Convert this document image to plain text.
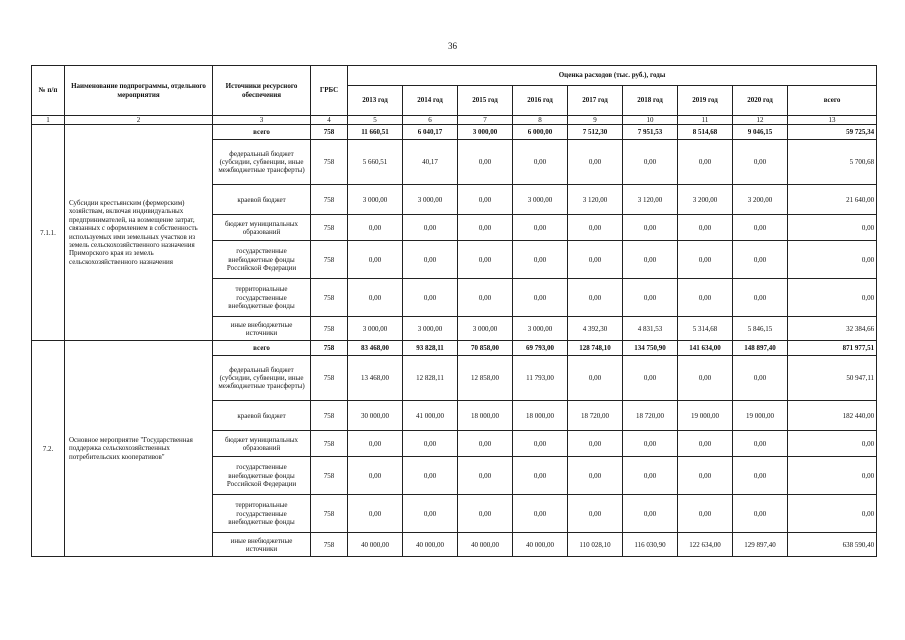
36
№ п/п	Наименование подпрограммы, отдельного мероприятия	Источники ресурсного обеспечения	ГРБС	Оценка расходов (тыс. руб.), годы								
				2013 год	2014 год	2015 год	2016 год	2017 год	2018 год	2019 год	2020 год	всего
1	2	3	4	5	6	7	8	9	10	11	12	13
7.1.1.	Субсидии крестьянским (фермерским) хозяйствам, включая индивидуальных предпринимателей, на возмещение затрат, связанных с оформлением в собственность используемых ими земельных участков из земель сельскохозяйственного назначения Приморского края из земель сельскохозяйственного назначения	всего	758	11 660,51	6 040,17	3 000,00	6 000,00	7 512,30	7 951,53	8 514,68	9 046,15	59 725,34
		федеральный бюджет (субсидии, субвенции, иные межбюджетные трансферты)	758	5 660,51	40,17	0,00	0,00	0,00	0,00	0,00	0,00	5 700,68
		краевой бюджет	758	3 000,00	3 000,00	0,00	3 000,00	3 120,00	3 120,00	3 200,00	3 200,00	21 640,00
		бюджет муниципальных образований	758	0,00	0,00	0,00	0,00	0,00	0,00	0,00	0,00	0,00
		государственные внебюджетные фонды Российской Федерации	758	0,00	0,00	0,00	0,00	0,00	0,00	0,00	0,00	0,00
		территориальные государственные внебюджетные фонды	758	0,00	0,00	0,00	0,00	0,00	0,00	0,00	0,00	0,00
		иные внебюджетные источники	758	3 000,00	3 000,00	3 000,00	3 000,00	4 392,30	4 831,53	5 314,68	5 846,15	32 384,66
7.2.	Основное мероприятие "Государственная поддержка сельскохозяйственных потребительских кооперативов"	всего	758	83 468,00	93 828,11	70 858,00	69 793,00	128 748,10	134 750,90	141 634,00	148 897,40	871 977,51
		федеральный бюджет (субсидии, субвенции, иные межбюджетные трансферты)	758	13 468,00	12 828,11	12 858,00	11 793,00	0,00	0,00	0,00	0,00	50 947,11
		краевой бюджет	758	30 000,00	41 000,00	18 000,00	18 000,00	18 720,00	18 720,00	19 000,00	19 000,00	182 440,00
		бюджет муниципальных образований	758	0,00	0,00	0,00	0,00	0,00	0,00	0,00	0,00	0,00
		государственные внебюджетные фонды Российской Федерации	758	0,00	0,00	0,00	0,00	0,00	0,00	0,00	0,00	0,00
		территориальные государственные внебюджетные фонды	758	0,00	0,00	0,00	0,00	0,00	0,00	0,00	0,00	0,00
		иные внебюджетные источники	758	40 000,00	40 000,00	40 000,00	40 000,00	110 028,10	116 030,90	122 634,00	129 897,40	638 590,40
